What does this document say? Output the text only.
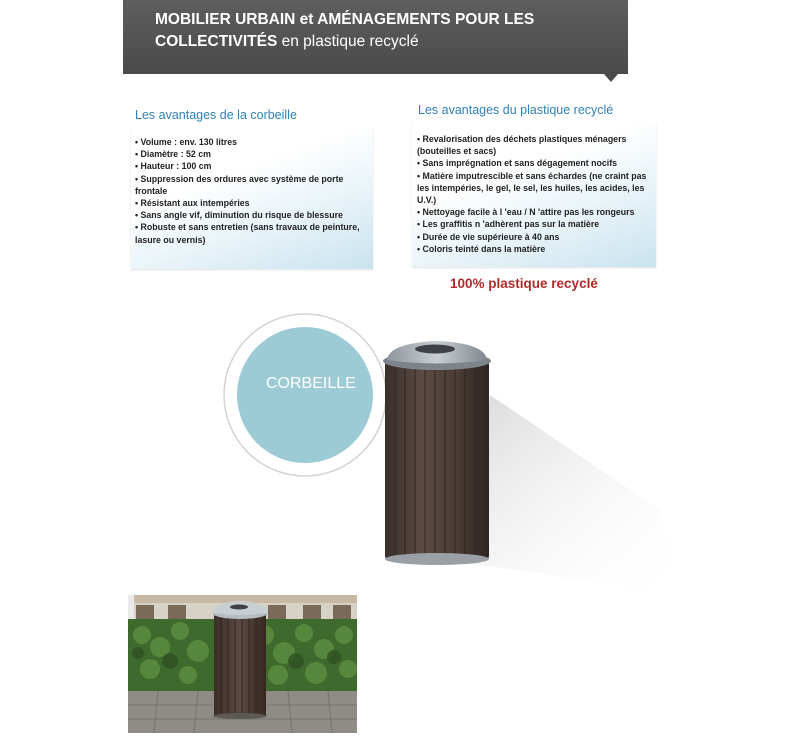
MOBILIER URBAIN et AMÉNAGEMENTS POUR LES COLLECTIVITÉS en plastique recyclé

Les avantages de la corbeille

• Volume : env. 130 litres
• Diamètre : 52 cm
• Hauteur : 100 cm
• Suppression des ordures avec système de porte frontale
• Résistant aux intempéries
• Sans angle vif, diminution du risque de blessure
• Robuste et sans entretien (sans travaux de peinture, lasure ou vernis)

Les avantages du plastique recyclé

• Revalorisation des déchets plastiques ménagers (bouteilles et sacs)
• Sans imprégnation et sans dégagement nocifs
• Matière imputrescible et sans échardes (ne craint pas les intempéries, le gel, le sel, les huiles, les acides, les U.V.)
• Nettoyage facile à l 'eau / N 'attire pas les rongeurs
• Les graffitis n 'adhèrent pas sur la matière
• Durée de vie supérieure à 40 ans
• Coloris teinté dans la matière

100% plastique recyclé

CORBEILLE
